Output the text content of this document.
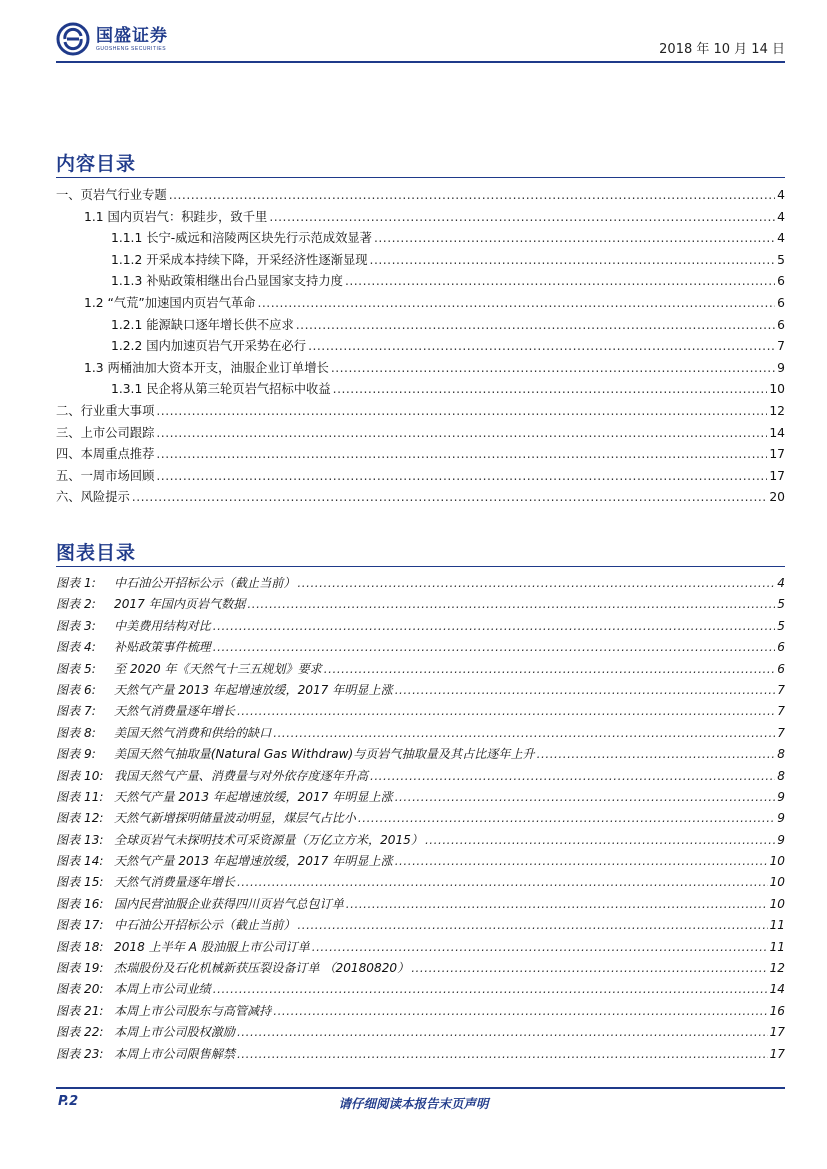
国盛证券
GUOSHENG SECURITIES	2018 年 10 月 14 日
内容目录
一、页岩气行业专题 .....	4
1.1 国内页岩气：积跬步，致千里 .....	4
1.1.1 长宁-威远和涪陵两区块先行示范成效显著 .....	4
1.1.2 开采成本持续下降，开采经济性逐渐显现 .....	5
1.1.3 补贴政策相继出台凸显国家支持力度 .....	6
1.2 “气荒”加速国内页岩气革命 .....	6
1.2.1 能源缺口逐年增长供不应求 .....	6
1.2.2 国内加速页岩气开采势在必行 .....	7
1.3 两桶油加大资本开支，油服企业订单增长 .....	9
1.3.1 民企将从第三轮页岩气招标中收益 .....	10
二、行业重大事项 .....	12
三、上市公司跟踪 .....	14
四、本周重点推荐 .....	17
五、一周市场回顾 .....	17
六、风险提示 .....	20
图表目录
图表 1: 中石油公开招标公示（截止当前） .....	4
图表 2: 2017 年国内页岩气数据 .....	5
图表 3: 中美费用结构对比 .....	5
图表 4: 补贴政策事件梳理 .....	6
图表 5: 至 2020 年《天然气十三五规划》要求 .....	6
图表 6: 天然气产量 2013 年起增速放缓，2017 年明显上涨 .....	7
图表 7: 天然气消费量逐年增长 .....	7
图表 8: 美国天然气消费和供给的缺口 .....	7
图表 9: 美国天然气抽取量(Natural Gas Withdraw)与页岩气抽取量及其占比逐年上升 .....	8
图表 10: 我国天然气产量、消费量与对外依存度逐年升高 .....	8
图表 11: 天然气产量 2013 年起增速放缓，2017 年明显上涨 .....	9
图表 12: 天然气新增探明储量波动明显，煤层气占比小 .....	9
图表 13: 全球页岩气未探明技术可采资源量（万亿立方米，2015） .....	9
图表 14: 天然气产量 2013 年起增速放缓，2017 年明显上涨 .....	10
图表 15: 天然气消费量逐年增长 .....	10
图表 16: 国内民营油服企业获得四川页岩气总包订单 .....	10
图表 17: 中石油公开招标公示（截止当前） .....	11
图表 18: 2018 上半年 A 股油服上市公司订单 .....	11
图表 19: 杰瑞股份及石化机械新获压裂设备订单 （20180820） .....	12
图表 20: 本周上市公司业绩 .....	14
图表 21: 本周上市公司股东与高管减持 .....	16
图表 22: 本周上市公司股权激励 .....	17
图表 23: 本周上市公司限售解禁 .....	17
P.2	请仔细阅读本报告末页声明
